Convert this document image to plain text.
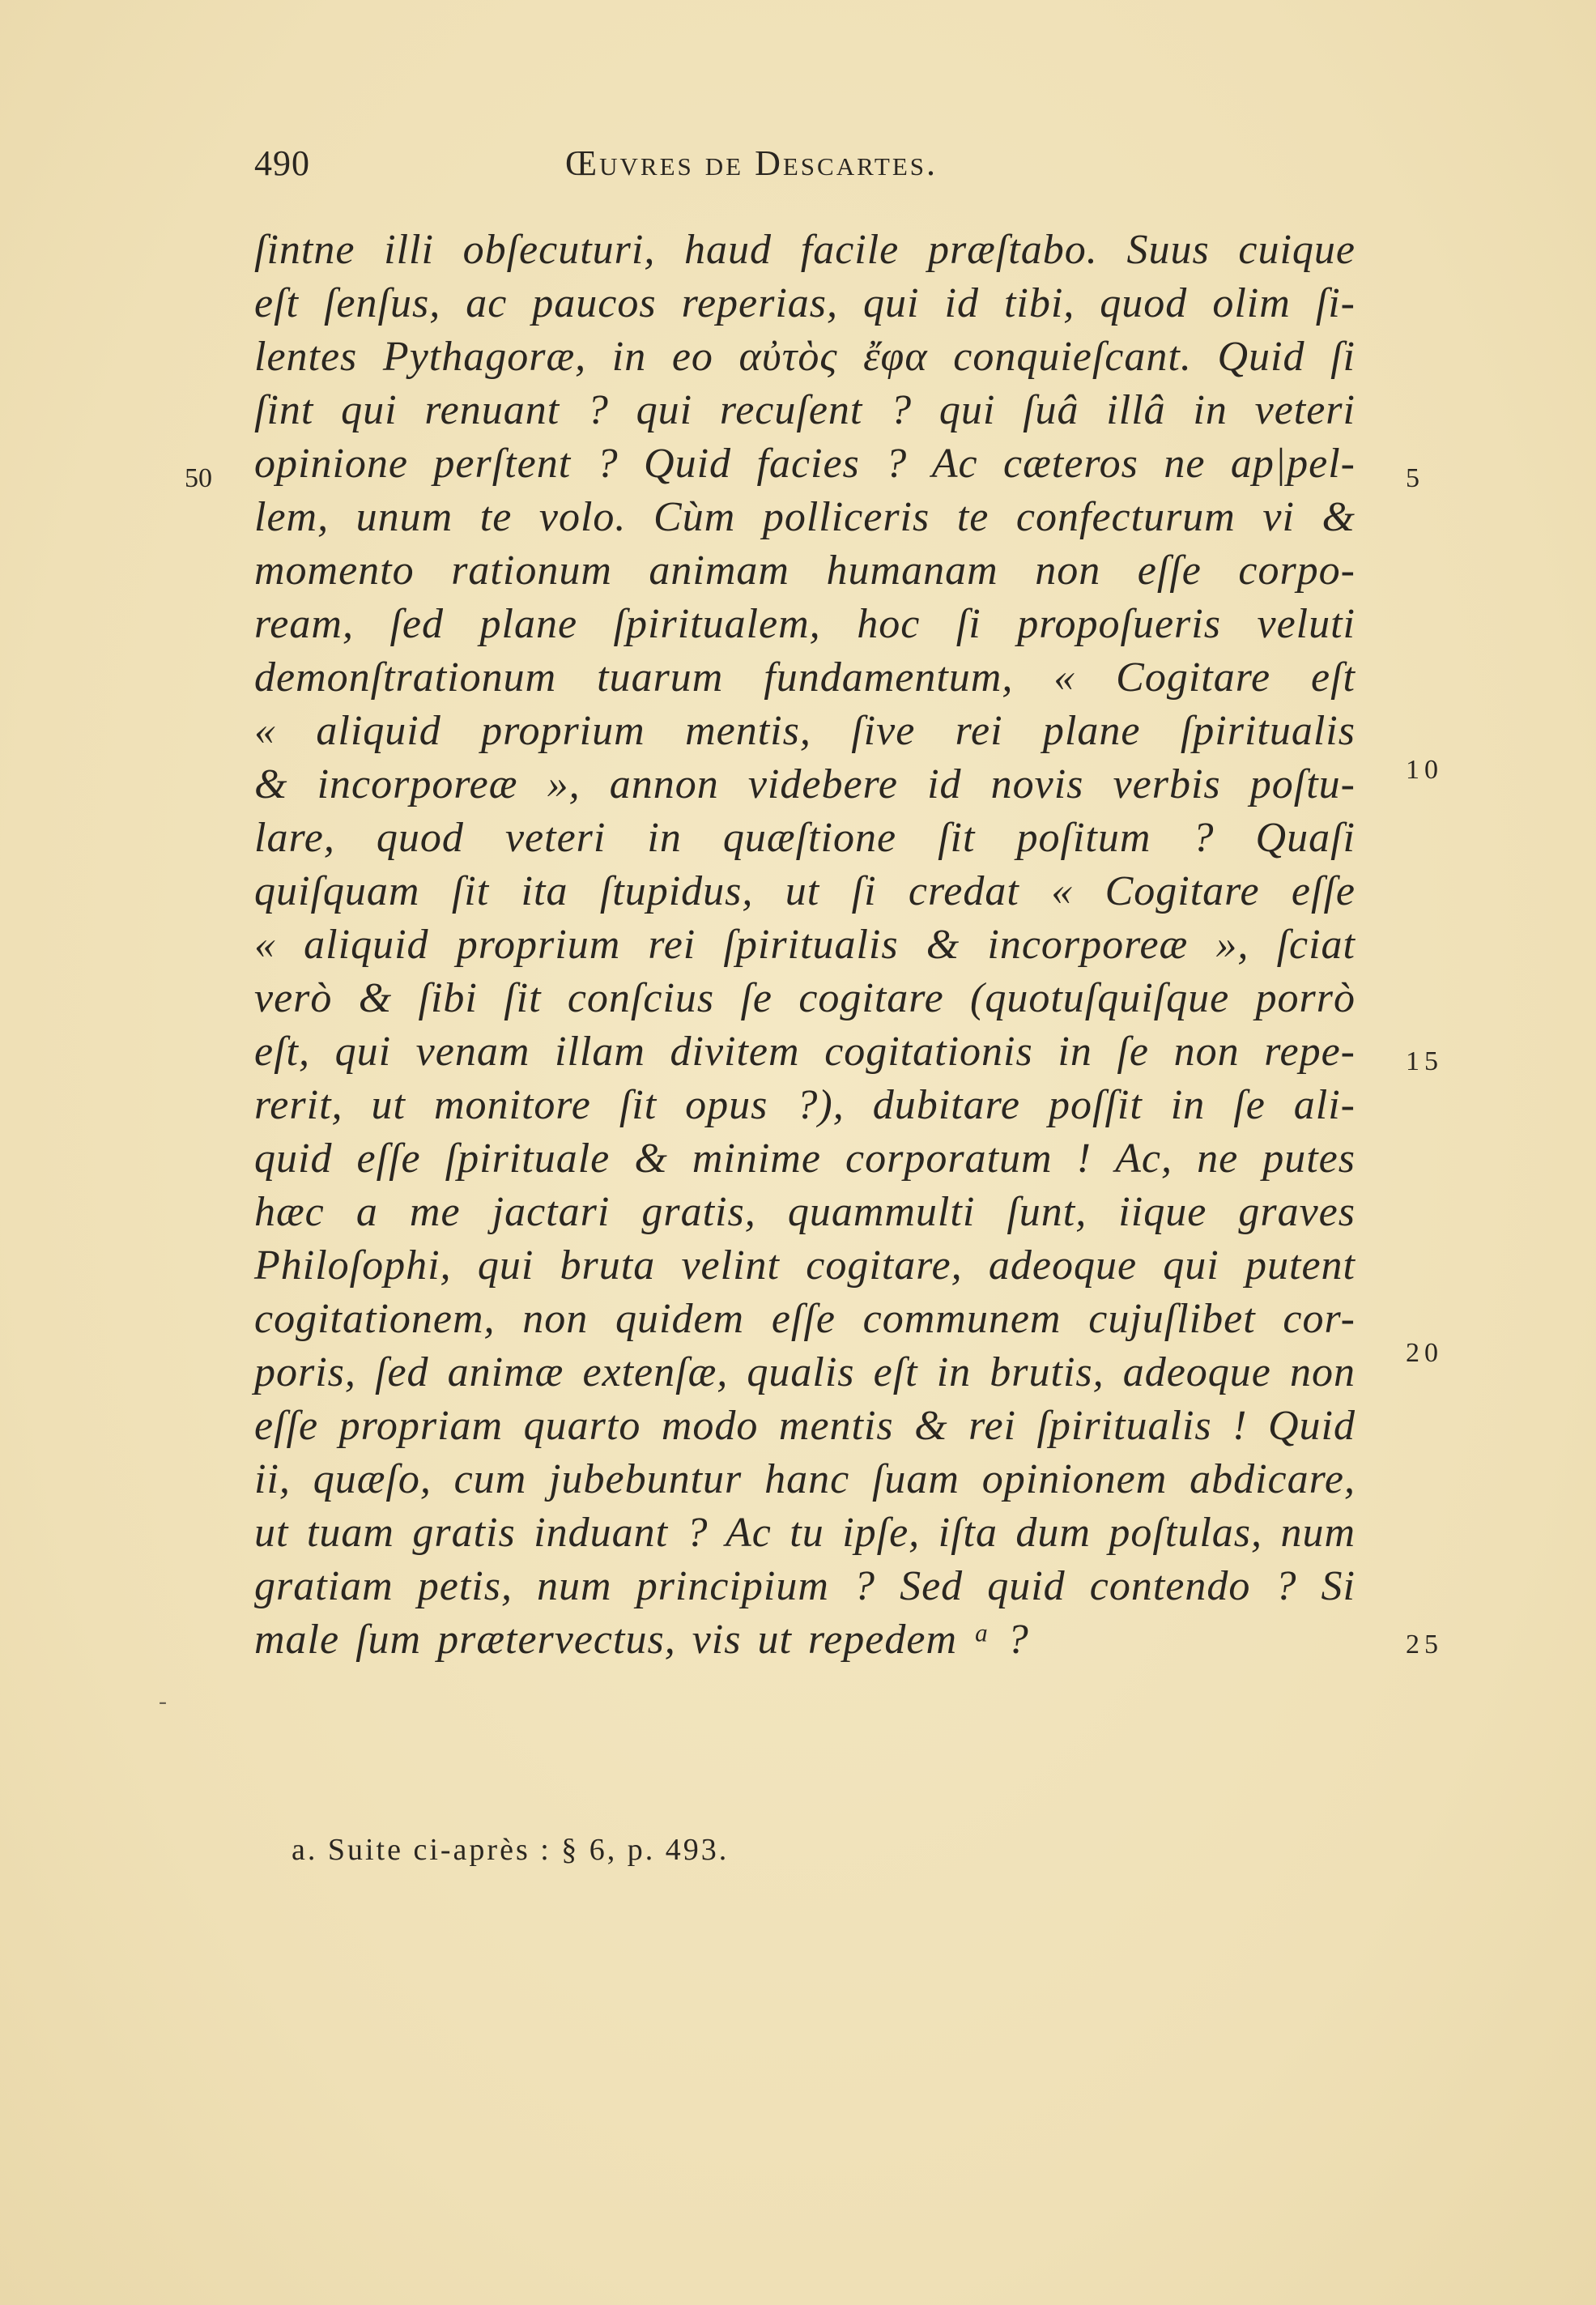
490	Œuvres de Descartes.
ſintne illi obſecuturi, haud facile præſtabo. Suus cuique
eſt ſenſus, ac paucos reperias, qui id tibi, quod olim ſi-
lentes Pythagoræ, in eo αὐτὸς ἔφα conquieſcant. Quid ſi
ſint qui renuant ? qui recuſent ? qui ſuâ illâ in veteri
opinione perſtent ? Quid facies ? Ac cæteros ne ap|pel-
lem, unum te volo. Cùm polliceris te confecturum vi &
momento rationum animam humanam non eſſe corpo-
ream, ſed plane ſpiritualem, hoc ſi propoſueris veluti
demonſtrationum tuarum fundamentum, « Cogitare eſt
« aliquid proprium mentis, ſive rei plane ſpiritualis
& incorporeæ », annon videbere id novis verbis poſtu-
lare, quod veteri in quæſtione ſit poſitum ? Quaſi
quiſquam ſit ita ſtupidus, ut ſi credat « Cogitare eſſe
« aliquid proprium rei ſpiritualis & incorporeæ », ſciat
verò & ſibi ſit conſcius ſe cogitare (quotuſquiſque porrò
eſt, qui venam illam divitem cogitationis in ſe non repe-
rerit, ut monitore ſit opus ?), dubitare poſſit in ſe ali-
quid eſſe ſpirituale & minime corporatum ! Ac, ne putes
hæc a me jactari gratis, quammulti ſunt, iique graves
Philoſophi, qui bruta velint cogitare, adeoque qui putent
cogitationem, non quidem eſſe communem cujuſlibet cor-
poris, ſed animæ extenſæ, qualis eſt in brutis, adeoque non
eſſe propriam quarto modo mentis & rei ſpiritualis ! Quid
ii, quæſo, cum jubebuntur hanc ſuam opinionem abdicare,
ut tuam gratis induant ? Ac tu ipſe, iſta dum poſtulas, num
gratiam petis, num principium ? Sed quid contendo ? Si
male ſum prætervectus, vis ut repedem ᵃ ?
50
-
5
10
15
20
25
a. Suite ci-après : § 6, p. 493.
